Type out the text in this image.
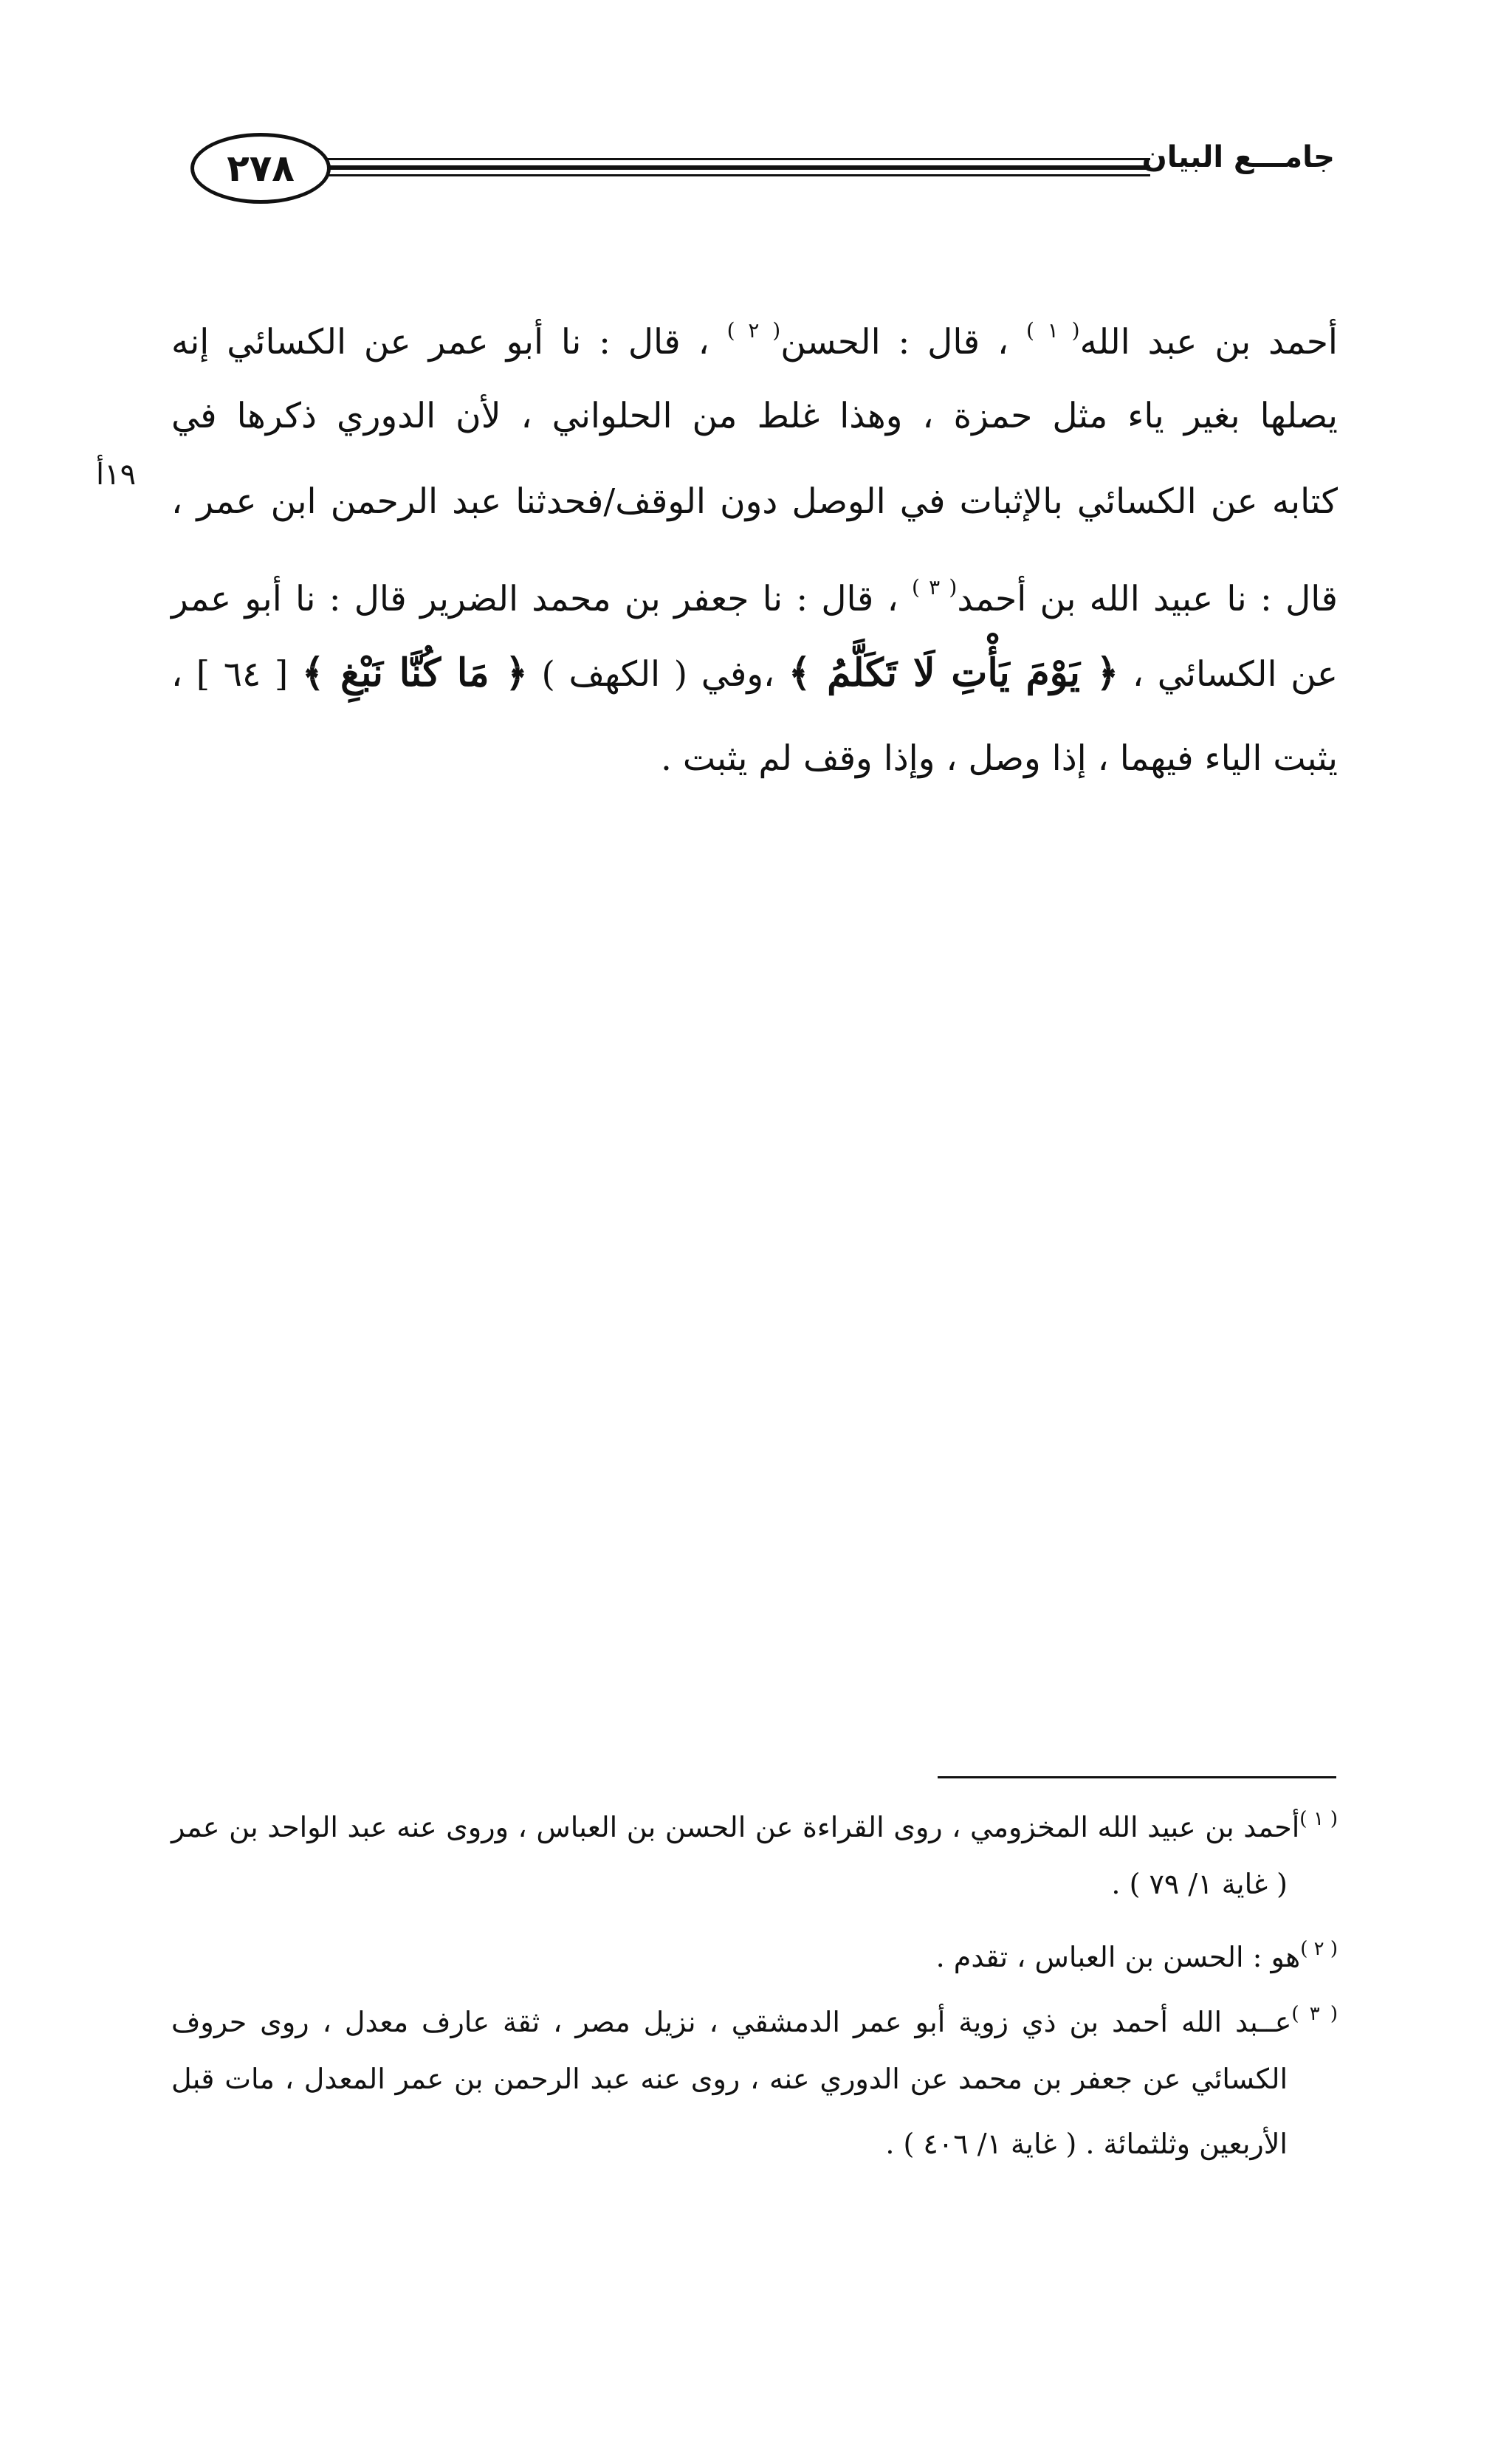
٢٧٨	جامـــع البيان
١٩أ
أحمد بن عبد الله$^{( ١ )}$ ، قال : الحسن$^{( ٢ )}$ ، قال : نا أبو عمر عن الكسائي إنه
يصلها بغير ياء مثل حمزة ، وهذا غلط من الحلواني ، لأن الدوري ذكرها في
كتابه عن الكسائي بالإثبات في الوصل دون الوقف/فحدثنا عبد الرحمن ابن عمر ،
قال : نا عبيد الله بن أحمد$^{( ٣ )}$ ، قال : نا جعفر بن محمد الضرير قال : نا أبو عمر
عن الكسائي ، ﴿ يَوْمَ يَأْتِ لَا تَكَلَّمُ ﴾ ،وفي ( الكهف ) ﴿ مَا كُنَّا نَبْغِ ﴾ [ ٦٤ ] ،
يثبت الياء فيهما ، إذا وصل ، وإذا وقف لم يثبت .
$^{( ١ )}$أحمد بن عبيد الله المخزومي ، روى القراءة عن الحسن بن العباس ، وروى عنه عبد الواحد بن عمر
( غاية ١/ ٧٩ ) .
$^{( ٢ )}$هو : الحسن بن العباس ، تقدم .
$^{( ٣ )}$عــبد الله أحمد بن ذي زوية أبو عمر الدمشقي ، نزيل مصر ، ثقة عارف معدل ، روى حروف
الكسائي عن جعفر بن محمد عن الدوري عنه ، روى عنه عبد الرحمن بن عمر المعدل ، مات قبل
الأربعين وثلثمائة . ( غاية ١/ ٤٠٦ ) .
